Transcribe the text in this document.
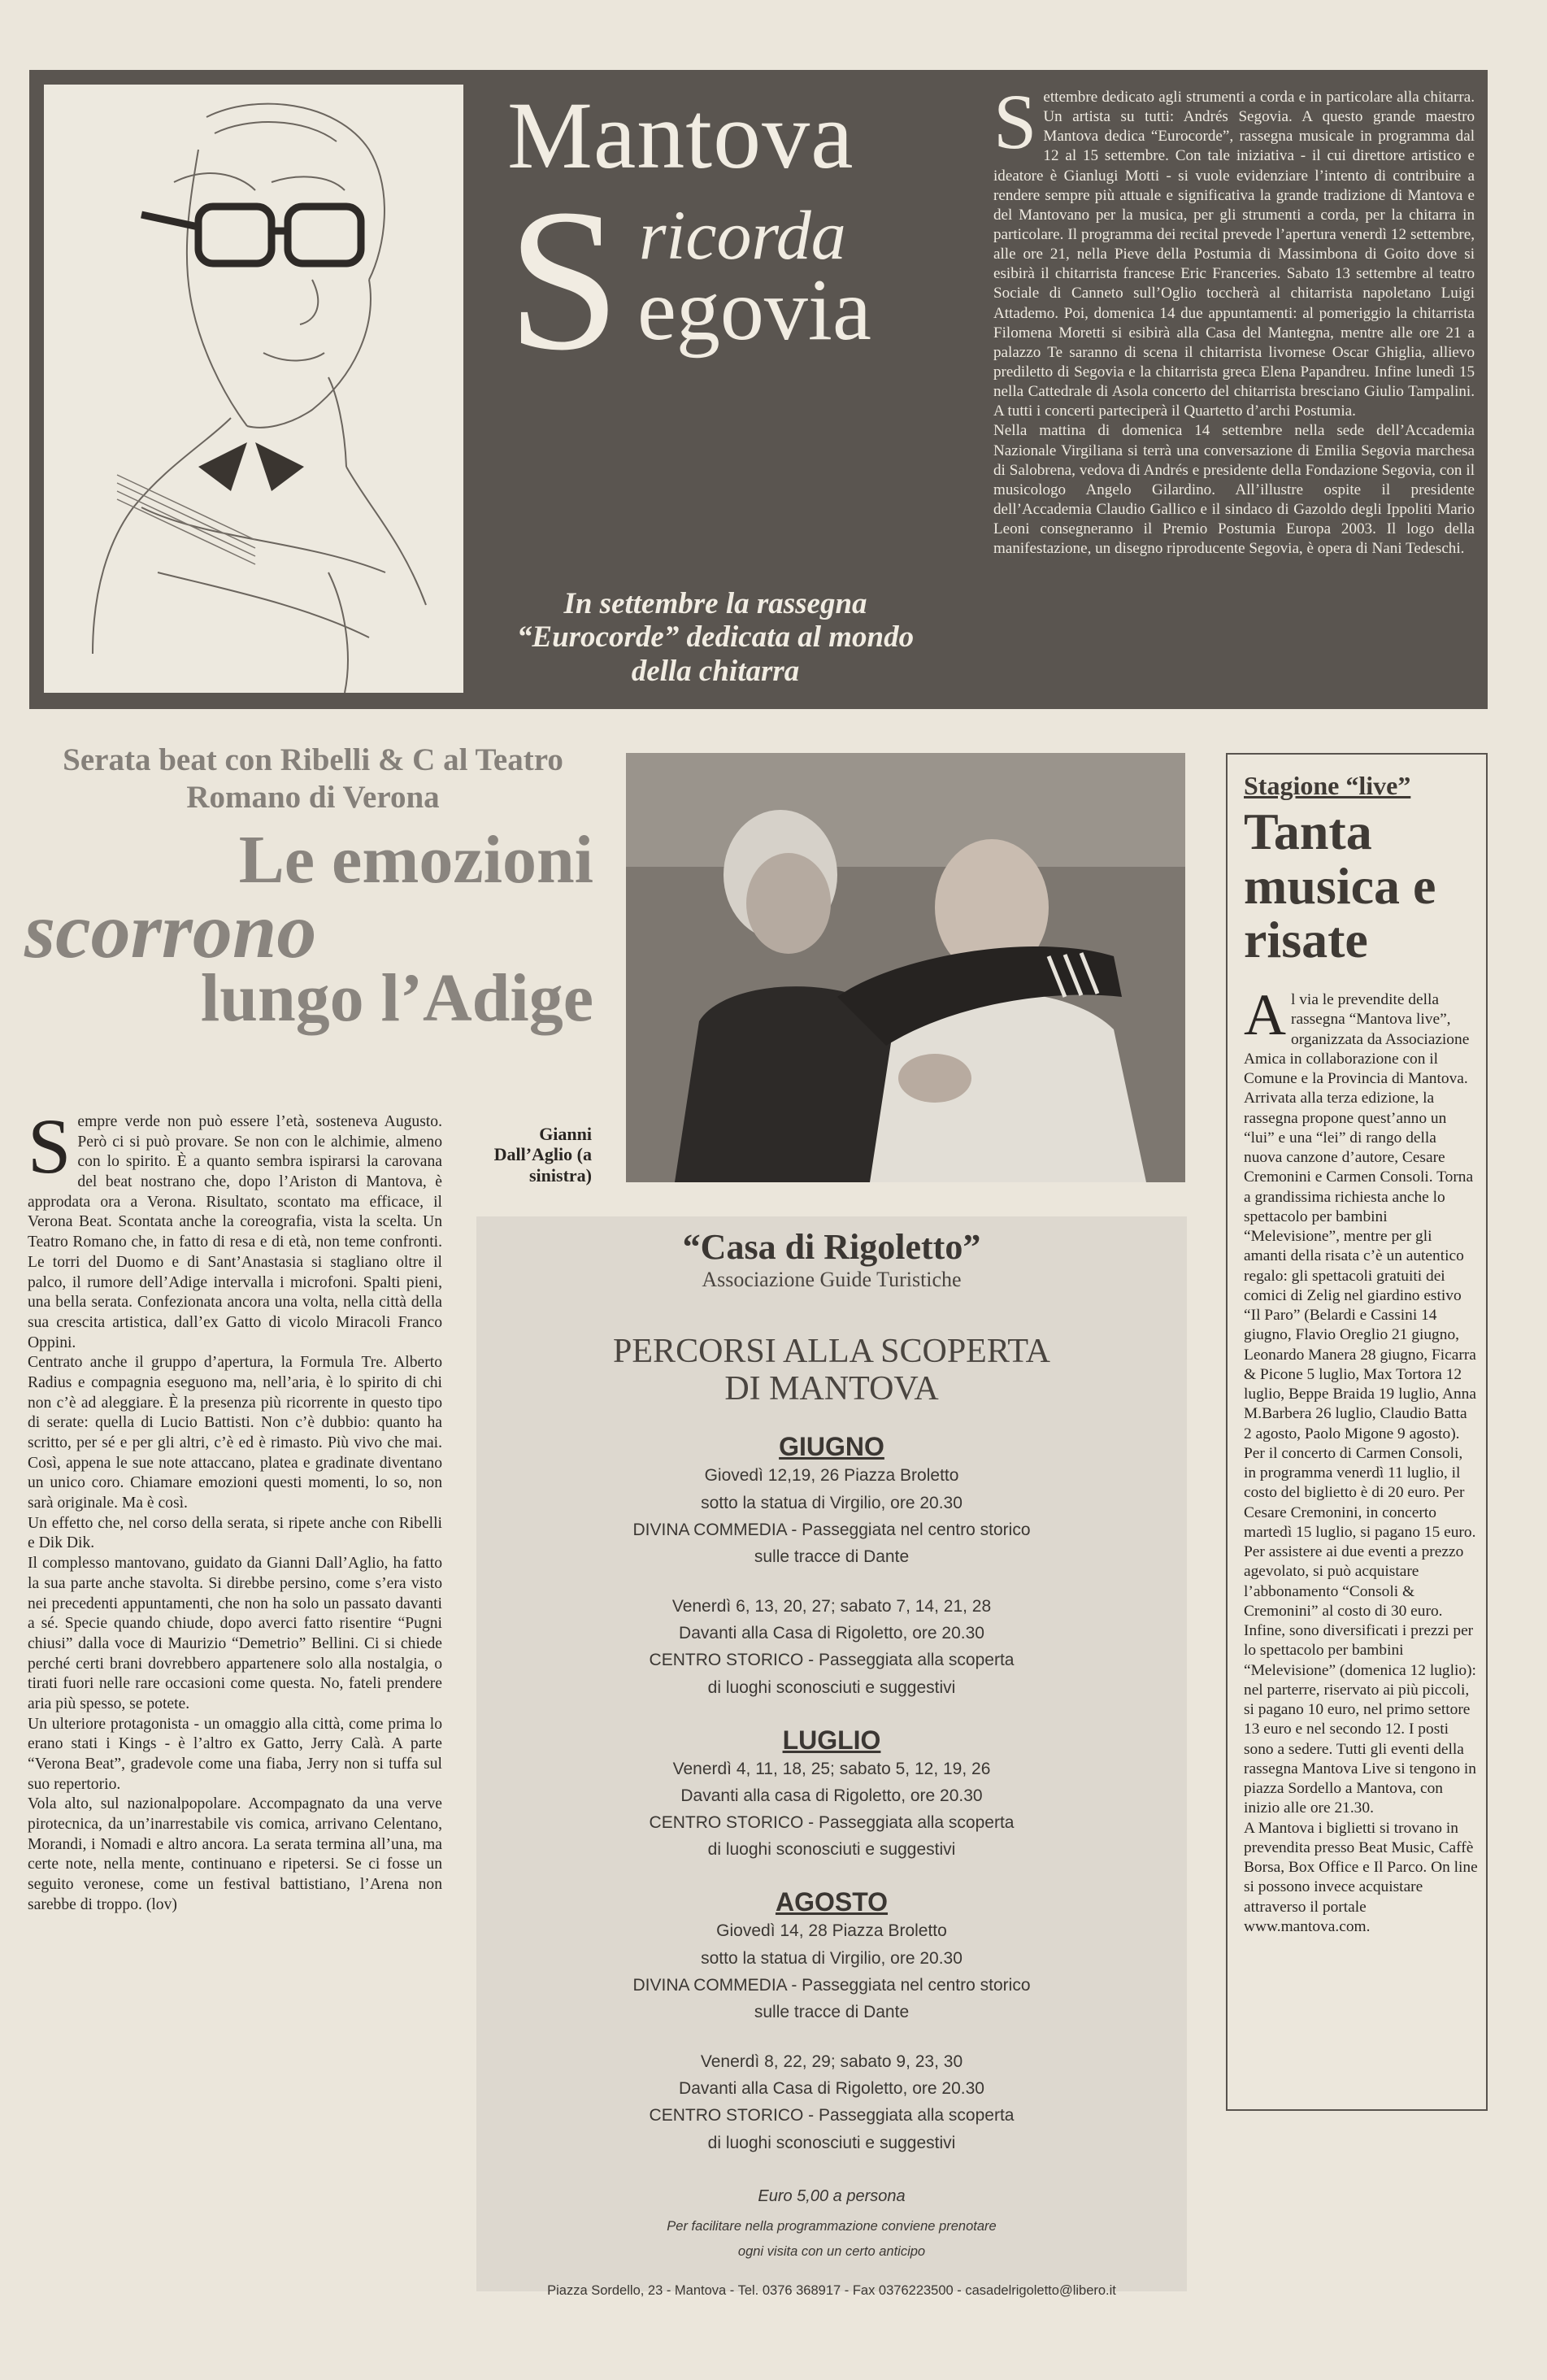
Mantova
S ricorda
egovia
In settembre la rassegna “Eurocorde” dedicata al mondo della chitarra

Settembre dedicato agli strumenti a corda e in particolare alla chitarra. Un artista su tutti: Andrés Segovia. A questo grande maestro Mantova dedica “Eurocorde”, rassegna musicale in programma dal 12 al 15 settembre. Con tale iniziativa - il cui direttore artistico e ideatore è Gianlugi Motti - si vuole evidenziare l’intento di contribuire a rendere sempre più attuale e significativa la grande tradizione di Mantova e del Mantovano per la musica, per gli strumenti a corda, per la chitarra in particolare. Il programma dei recital prevede l’apertura venerdì 12 settembre, alle ore 21, nella Pieve della Postumia di Massimbona di Goito dove si esibirà il chitarrista francese Eric Franceries. Sabato 13 settembre al teatro Sociale di Canneto sull’Oglio toccherà al chitarrista napoletano Luigi Attademo. Poi, domenica 14 due appuntamenti: al pomeriggio la chitarrista Filomena Moretti si esibirà alla Casa del Mantegna, mentre alle ore 21 a palazzo Te saranno di scena il chitarrista livornese Oscar Ghiglia, allievo prediletto di Segovia e la chitarrista greca Elena Papandreu. Infine lunedì 15 nella Cattedrale di Asola concerto del chitarrista bresciano Giulio Tampalini. A tutti i concerti parteciperà il Quartetto d’archi Postumia.

Nella mattina di domenica 14 settembre nella sede dell’Accademia Nazionale Virgiliana si terrà una conversazione di Emilia Segovia marchesa di Salobrena, vedova di Andrés e presidente della Fondazione Segovia, con il musicologo Angelo Gilardino. All’illustre ospite il presidente dell’Accademia Claudio Gallico e il sindaco di Gazoldo degli Ippoliti Mario Leoni consegneranno il Premio Postumia Europa 2003. Il logo della manifestazione, un disegno riproducente Segovia, è opera di Nani Tedeschi.

Serata beat con Ribelli & C al Teatro Romano di Verona
Le emozioni
scorrono
lungo l’Adige

Sempre verde non può essere l’età, sosteneva Augusto. Però ci si può provare. Se non con le alchimie, almeno con lo spirito. È a quanto sembra ispirarsi la carovana del beat nostrano che, dopo l’Ariston di Mantova, è approdata ora a Verona. Risultato, scontato ma efficace, il Verona Beat. Scontata anche la coreografia, vista la scelta. Un Teatro Romano che, in fatto di resa e di età, non teme confronti. Le torri del Duomo e di Sant’Anastasia si stagliano oltre il palco, il rumore dell’Adige intervalla i microfoni. Spalti pieni, una bella serata. Confezionata ancora una volta, nella città della sua crescita artistica, dall’ex Gatto di vicolo Miracoli Franco Oppini.

Centrato anche il gruppo d’apertura, la Formula Tre. Alberto Radius e compagnia eseguono ma, nell’aria, è lo spirito di chi non c’è ad aleggiare. È la presenza più ricorrente in questo tipo di serate: quella di Lucio Battisti. Non c’è dubbio: quanto ha scritto, per sé e per gli altri, c’è ed è rimasto. Più vivo che mai. Così, appena le sue note attaccano, platea e gradinate diventano un unico coro. Chiamare emozioni questi momenti, lo so, non sarà originale. Ma è così.

Un effetto che, nel corso della serata, si ripete anche con Ribelli e Dik Dik.

Il complesso mantovano, guidato da Gianni Dall’Aglio, ha fatto la sua parte anche stavolta. Si direbbe persino, come s’era visto nei precedenti appuntamenti, che non ha solo un passato davanti a sé. Specie quando chiude, dopo averci fatto risentire “Pugni chiusi” dalla voce di Maurizio “Demetrio” Bellini. Ci si chiede perché certi brani dovrebbero appartenere solo alla nostalgia, o tirati fuori nelle rare occasioni come questa. No, fateli prendere aria più spesso, se potete.

Un ulteriore protagonista - un omaggio alla città, come prima lo erano stati i Kings - è l’altro ex Gatto, Jerry Calà. A parte “Verona Beat”, gradevole come una fiaba, Jerry non si tuffa sul suo repertorio.

Vola alto, sul nazionalpopolare. Accompagnato da una verve pirotecnica, da un’inarrestabile vis comica, arrivano Celentano, Morandi, i Nomadi e altro ancora. La serata termina all’una, ma certe note, nella mente, continuano e ripetersi. Se ci fosse un seguito veronese, come un festival battistiano, l’Arena non sarebbe di troppo. (lov)

Gianni Dall’Aglio (a sinistra)
“Casa di Rigoletto”
Associazione Guide Turistiche
PERCORSI ALLA SCOPERTA
DI MANTOVA
GIUGNO
Giovedì 12,19, 26 Piazza Broletto
sotto la statua di Virgilio, ore 20.30
DIVINA COMMEDIA - Passeggiata nel centro storico
sulle tracce di Dante
Venerdì 6, 13, 20, 27; sabato 7, 14, 21, 28
Davanti alla Casa di Rigoletto, ore 20.30
CENTRO STORICO - Passeggiata alla scoperta
di luoghi sconosciuti e suggestivi
LUGLIO
Venerdì 4, 11, 18, 25; sabato 5, 12, 19, 26
Davanti alla casa di Rigoletto, ore 20.30
CENTRO STORICO - Passeggiata alla scoperta
di luoghi sconosciuti e suggestivi
AGOSTO
Giovedì 14, 28 Piazza Broletto
sotto la statua di Virgilio, ore 20.30
DIVINA COMMEDIA - Passeggiata nel centro storico
sulle tracce di Dante
Venerdì 8, 22, 29; sabato 9, 23, 30
Davanti alla Casa di Rigoletto, ore 20.30
CENTRO STORICO - Passeggiata alla scoperta
di luoghi sconosciuti e suggestivi
Euro 5,00 a persona
Per facilitare nella programmazione conviene prenotare
ogni visita con un certo anticipo
Piazza Sordello, 23 - Mantova - Tel. 0376 368917 - Fax 0376223500 - casadelrigoletto@libero.it
Stagione “live”
Tanta musica e risate

Al via le prevendite della rassegna “Mantova live”, organizzata da Associazione Amica in collaborazione con il Comune e la Provincia di Mantova. Arrivata alla terza edizione, la rassegna propone quest’anno un “lui” e una “lei” di rango della nuova canzone d’autore, Cesare Cremonini e Carmen Consoli. Torna a grandissima richiesta anche lo spettacolo per bambini “Melevisione”, mentre per gli amanti della risata c’è un autentico regalo: gli spettacoli gratuiti dei comici di Zelig nel giardino estivo “Il Paro” (Belardi e Cassini 14 giugno, Flavio Oreglio 21 giugno, Leonardo Manera 28 giugno, Ficarra & Picone 5 luglio, Max Tortora 12 luglio, Beppe Braida 19 luglio, Anna M.Barbera 26 luglio, Claudio Batta 2 agosto, Paolo Migone 9 agosto).

Per il concerto di Carmen Consoli, in programma venerdì 11 luglio, il costo del biglietto è di 20 euro. Per Cesare Cremonini, in concerto martedì 15 luglio, si pagano 15 euro. Per assistere ai due eventi a prezzo agevolato, si può acquistare l’abbonamento “Consoli & Cremonini” al costo di 30 euro. Infine, sono diversificati i prezzi per lo spettacolo per bambini “Melevisione” (domenica 12 luglio): nel parterre, riservato ai più piccoli, si pagano 10 euro, nel primo settore 13 euro e nel secondo 12. I posti sono a sedere. Tutti gli eventi della rassegna Mantova Live si tengono in piazza Sordello a Mantova, con inizio alle ore 21.30.

A Mantova i biglietti si trovano in prevendita presso Beat Music, Caffè Borsa, Box Office e Il Parco. On line si possono invece acquistare attraverso il portale www.mantova.com.
